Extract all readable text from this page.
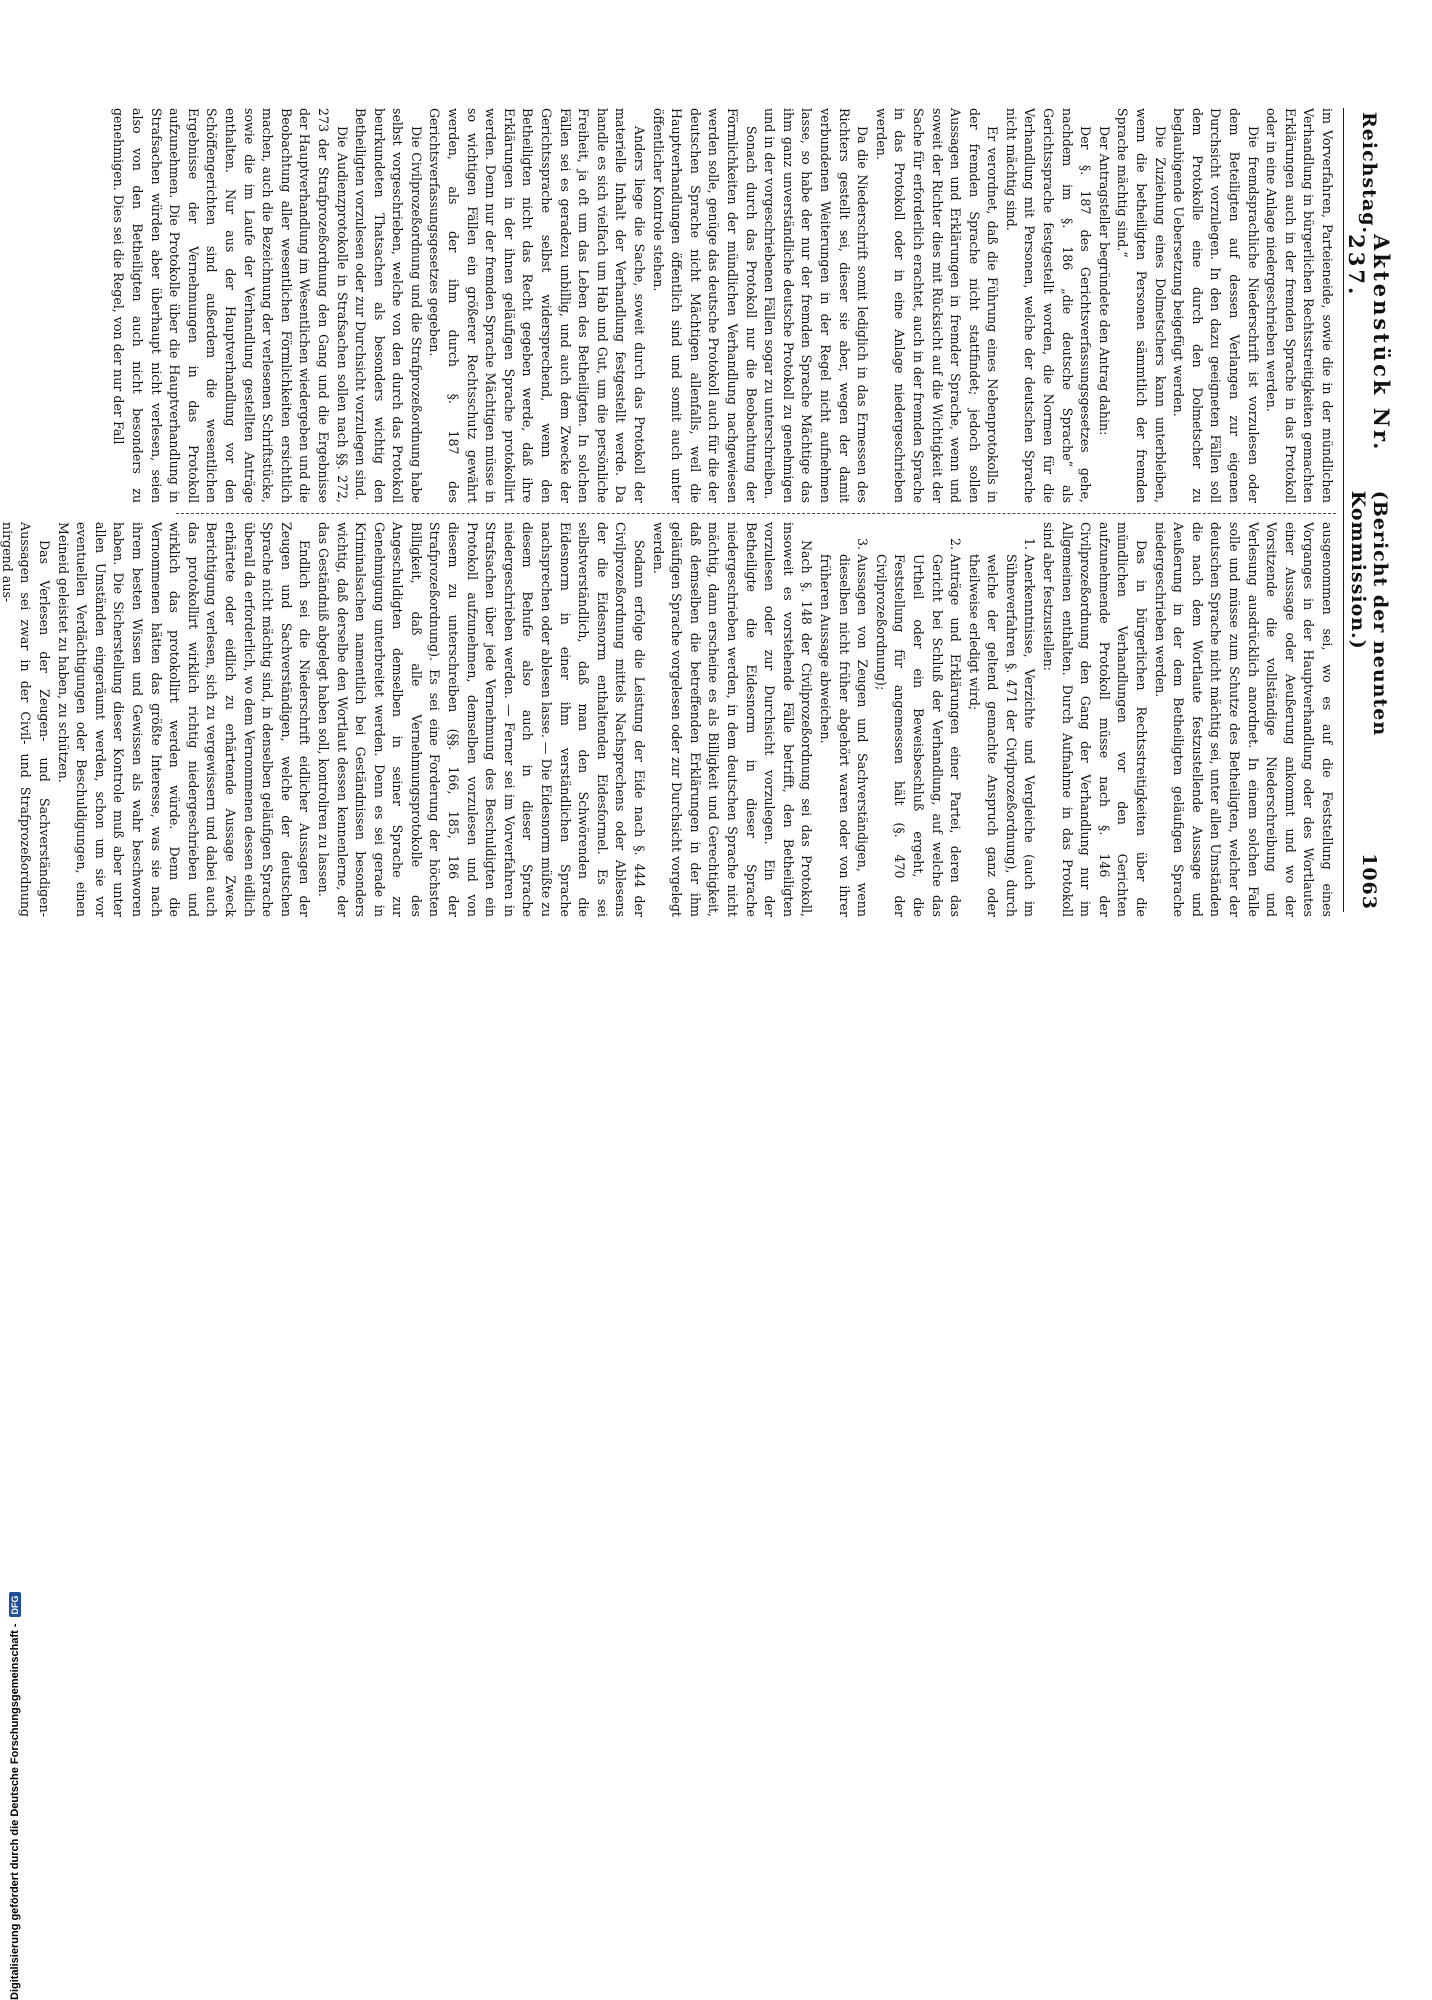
Reichstag.
Aktenstück Nr. 237.
(Bericht der neunten Kommission.)
1063

im Vorverfahren, Parteieneide, sowie die in der mündlichen Verhandlung in bürgerlichen Rechtsstreitigkeiten gemachten Erklärungen auch in der fremden Sprache in das Protokoll oder in eine Anlage niedergeschrieben werden.

Die fremdsprachliche Niederschrift ist vorzulesen oder dem Beteiligten auf dessen Verlangen zur eigenen Durchsicht vorzulegen. In den dazu geeigneten Fällen soll dem Protokolle eine durch den Dolmetscher zu beglaubigende Uebersetzung beigefügt werden.

Die Zuziehung eines Dolmetschers kann unterbleiben, wenn die betheiligten Personen sämmtlich der fremden Sprache mächtig sind.“

Der Antragsteller begründete den Antrag dahin:

Der §. 187 des Gerichtsverfassungsgesetzes gehe, nachdem im §. 186 „die deutsche Sprache“ als Gerichtssprache festgestellt worden, die Normen für die Verhandlung mit Personen, welche der deutschen Sprache nicht mächtig sind.

Er verordnet, daß die Führung eines Nebenprotokolls in der fremden Sprache nicht stattfindet; jedoch sollen Aussagen und Erklärungen in fremder Sprache, wenn und soweit der Richter dies mit Rücksicht auf die Wichtigkeit der Sache für erforderlich erachtet, auch in der fremden Sprache in das Protokoll oder in eine Anlage niedergeschrieben werden.

Da die Niederschrift somit lediglich in das Ermessen des Richters gestellt sei, dieser sie aber, wegen der damit verbundenen Weiterungen in der Regel nicht aufnehmen lasse, so habe der nur der fremden Sprache Mächtige das ihm ganz unverständliche deutsche Protokoll zu genehmigen und in der vorgeschriebenen Fällen sogar zu unterschreiben.

Sonach durch das Protokoll nur die Beobachtung der Förmlichkeiten der mündlichen Verhandlung nachgewiesen werden solle, genüge das deutsche Protokoll auch für die der deutschen Sprache nicht Mächtigen allenfalls, weil die Hauptverhandlungen öffentlich sind und somit auch unter öffentlicher Kontrole stehen.

Anders liege die Sache, soweit durch das Protokoll der materielle Inhalt der Verhandlung festgestellt werde. Da handle es sich vielfach um Hab und Gut, um die persönliche Freiheit, ja oft um das Leben des Betheiligten. In solchen Fällen sei es geradezu unbillig, und auch dem Zwecke der Gerichtssprache selbst widersprechend, wenn den Betheiligten nicht das Recht gegeben werde, daß ihre Erklärungen in der ihnen geläufigen Sprache protokollirt werden. Denn nur der fremden Sprache Mächtigen müsse in so wichtigen Fällen ein größerer Rechtsschutz gewährt werden, als der ihm durch §. 187 des Gerichtsverfassungsgesetzes gegeben.

Die Civilprozeßordnung und die Strafprozeßordnung habe selbst vorgeschrieben, welche von den durch das Protokoll beurkundeten Thatsachen als besonders wichtig den Betheiligten vorzulesen oder zur Durchsicht vorzulegen sind.

Die Audienzprotokolle in Strafsachen sollen nach §§. 272, 273 der Strafprozeßordnung den Gang und die Ergebnisse der Hauptverhandlung im Wesentlichen wiedergeben und die Beobachtung aller wesentlichen Förmlichkeiten ersichtlich machen, auch die Bezeichnung der verlesenen Schriftstücke, sowie die im Laufe der Verhandlung gestellten Anträge enthalten. Nur aus der Hauptverhandlung vor den Schöffengerichten sind außerdem die wesentlichen Ergebnisse der Vernehmungen in das Protokoll aufzunehmen. Die Protokolle über die Hauptverhandlung in Strafsachen würden aber überhaupt nicht verlesen, seien also von den Betheiligten auch nicht besonders zu genehmigen. Dies sei die Regel, von der nur der Fall

ausgenommen sei, wo es auf die Feststellung eines Vorganges in der Hauptverhandlung oder des Wortlautes einer Aussage oder Aeußerung ankommt und wo der Vorsitzende die vollständige Niederschreibung und Verlesung ausdrücklich anordnet. In einem solchen Falle solle und müsse zum Schutze des Betheiligten, welcher der deutschen Sprache nicht mächtig sei, unter allen Umständen die nach dem Wortlaute festzustellende Aussage und Aeußerung in der dem Betheiligten geläufigen Sprache niedergeschrieben werden.

Das in bürgerlichen Rechtsstreitigkeiten über die mündlichen Verhandlungen vor den Gerichten aufzunehmende Protokoll müsse nach §. 146 der Civilprozeßordnung den Gang der Verhandlung nur im Allgemeinen enthalten. Durch Aufnahme in das Protokoll sind aber festzustellen:

1. Anerkenntnisse, Verzichte und Vergleiche (auch im Sühneverfahren §. 471 der Civilprozeßordnung), durch welche der geltend gemachte Anspruch ganz oder theilweise erledigt wird;
2. Anträge und Erklärungen einer Partei, deren das Gericht bei Schluß der Verhandlung, auf welche das Urtheil oder ein Beweisbeschluß ergeht, die Feststellung für angemessen hält (§. 470 der Civilprozeßordnung);
3. Aussagen von Zeugen und Sachverständigen, wenn dieselben nicht früher abgehört waren oder von ihrer früheren Aussage abweichen.

Nach §. 148 der Civilprozeßordnung sei das Protokoll, insoweit es vorstehende Fälle betrifft, den Betheiligten vorzulesen oder zur Durchsicht vorzulegen. Ein der Betheiligte die Eidesnorm in dieser Sprache niedergeschrieben werden, in dem deutschen Sprache nicht mächtig, dann erscheine es als Billigkeit und Gerechtigkeit, daß demselben die betreffenden Erklärungen in der ihm geläufigen Sprache vorgelesen oder zur Durchsicht vorgelegt werden.

Sodann erfolge die Leistung der Eide nach §. 444 der Civilprozeßordnung mittels Nachsprechens oder Ablesens der die Eidesnorm enthaltenden Eidesformel. Es sei selbstverständlich, daß man den Schwörenden die Eidesnorm in einer ihm verständlichen Sprache nachsprechen oder ablesen lasse. — Die Eidesnorm müßte zu diesem Behufe also auch in dieser Sprache niedergeschrieben werden. — Ferner sei im Vorverfahren in Strafsachen über jede Vernehmung des Beschuldigten ein Protokoll aufzunehmen, demselben vorzulesen und von diesem zu unterschreiben (§§. 166, 185, 186 der Strafprozeßordnung). Es sei eine Forderung der höchsten Billigkeit, daß alle Vernehmungsprotokolle des Angeschuldigten demselben in seiner Sprache zur Genehmigung unterbreitet werden. Denn es sei gerade in Kriminalsachen namentlich bei Geständnissen besonders wichtig, daß derselbe den Wortlaut dessen kennenlerne, der das Geständniß abgelegt haben soll, kontroliren zu lassen.

Endlich sei die Niederschrift eidlicher Aussagen der Zeugen und Sachverständigen, welche der deutschen Sprache nicht mächtig sind, in denselben geläufigen Sprache überall da erforderlich, wo dem Vernommenen dessen eidlich erhärtete oder eidlich zu erhärtende Aussage Zweck Berichtigung verlesen, sich zu vergewissern und dabei auch das protokollirt wirklich richtig niedergeschrieben und wirklich das protokollirt werden würde. Denn die Vernommenen hätten das größte Interesse, was sie nach ihrem besten Wissen und Gewissen als wahr beschworen haben. Die Sicherstellung dieser Kontrole muß aber unter allen Umständen eingeräumt werden, schon um sie vor eventuellen Verdächtigungen oder Beschuldigungen, einen Meineid geleistet zu haben, zu schützen.

Das Verlesen der Zeugen- und Sachverständigen-Aussagen sei zwar in der Civil- und Strafprozeßordnung nirgend aus-

Digitalisierung gefördert durch die Deutsche Forschungsgemeinschaft -
DFG
